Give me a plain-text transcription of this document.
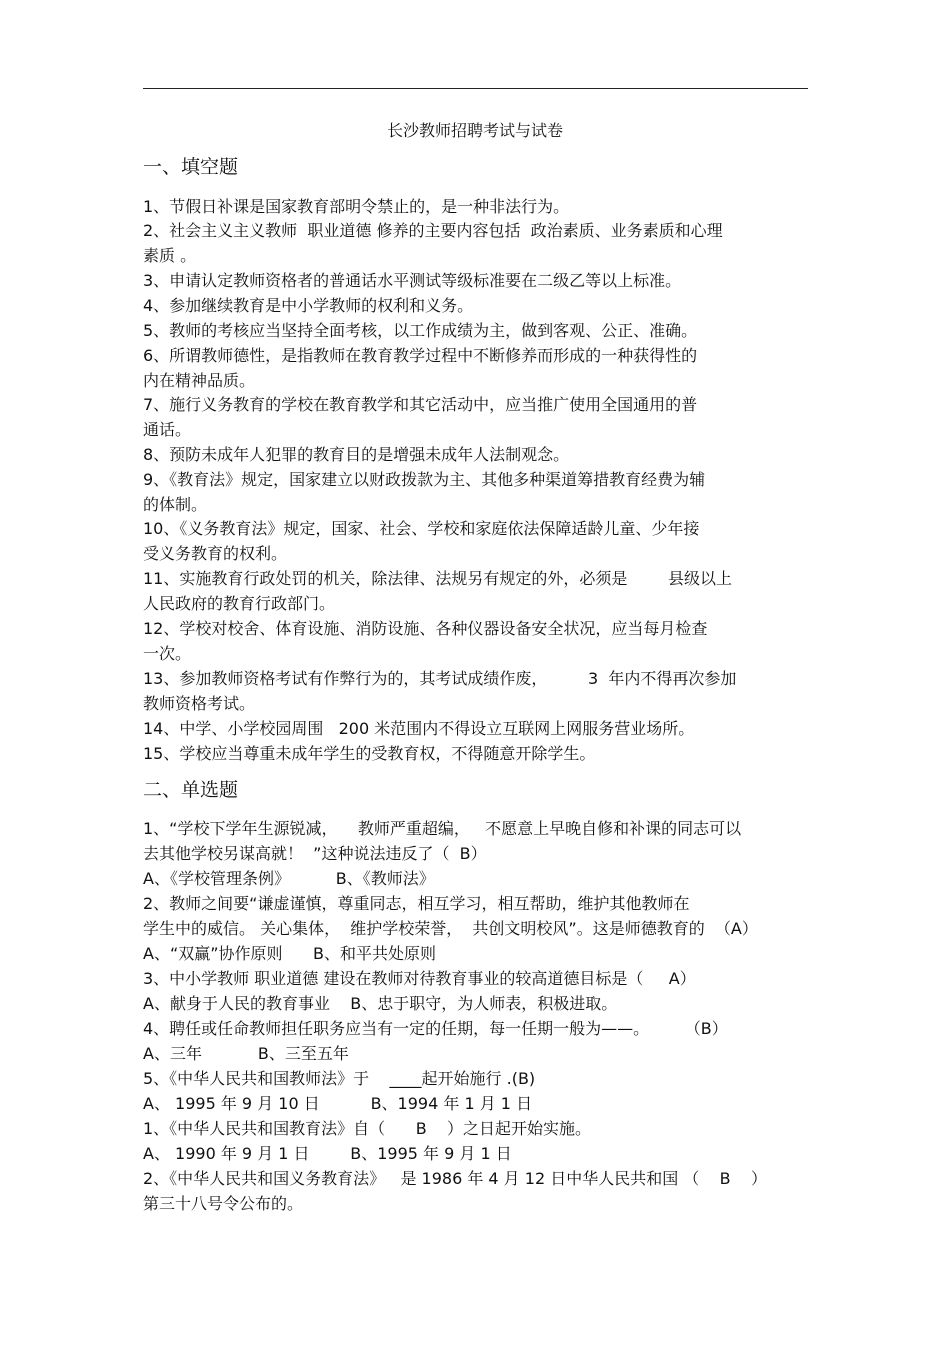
长沙教师招聘考试与试卷
一、填空题
1、节假日补课是国家教育部明令禁止的，是一种非法行为。
2、社会主义主义教师  职业道德 修养的主要内容包括  政治素质、业务素质和心理
素质 。
3、申请认定教师资格者的普通话水平测试等级标准要在二级乙等以上标准。
4、参加继续教育是中小学教师的权利和义务。
5、教师的考核应当坚持全面考核，以工作成绩为主，做到客观、公正、准确。
6、所谓教师德性，是指教师在教育教学过程中不断修养而形成的一种获得性的
内在精神品质。
7、施行义务教育的学校在教育教学和其它活动中，应当推广使用全国通用的普
通话。
8、预防未成年人犯罪的教育目的是增强未成年人法制观念。
9、《教育法》规定，国家建立以财政拨款为主、其他多种渠道筹措教育经费为辅
的体制。
10、《义务教育法》规定，国家、社会、学校和家庭依法保障适龄儿童、少年接
受义务教育的权利。
11、实施教育行政处罚的机关，除法律、法规另有规定的外，必须是        县级以上
人民政府的教育行政部门。
12、学校对校舍、体育设施、消防设施、各种仪器设备安全状况，应当每月检查
一次。
13、参加教师资格考试有作弊行为的，其考试成绩作废，        3  年内不得再次参加
教师资格考试。
14、中学、小学校园周围   200 米范围内不得设立互联网上网服务营业场所。
15、学校应当尊重未成年学生的受教育权，不得随意开除学生。
二、单选题
1、“学校下学年生源锐减，    教师严重超编，   不愿意上早晚自修和补课的同志可以
去其他学校另谋高就！  ”这种说法违反了（  B）
A、《学校管理条例》         B、《教师法》
2、教师之间要“谦虚谨慎，尊重同志，相互学习，相互帮助，维护其他教师在
学生中的威信。 关心集体，  维护学校荣誉，  共创文明校风”。这是师德教育的  （A）
A、“双赢”协作原则      B、和平共处原则
3、中小学教师 职业道德 建设在教师对待教育事业的较高道德目标是（     A）
A、献身于人民的教育事业    B、忠于职守，为人师表，积极进取。
4、聘任或任命教师担任职务应当有一定的任期，每一任期一般为——。       （B）
A、三年           B、三至五年
5、《中华人民共和国教师法》于    ____起开始施行 .(B)
A、 1995 年 9 月 10 日          B、1994 年 1 月 1 日
1、《中华人民共和国教育法》自（      B    ）之日起开始实施。
A、 1990 年 9 月 1 日        B、1995 年 9 月 1 日
2、《中华人民共和国义务教育法》   是 1986 年 4 月 12 日中华人民共和国 （    B    ）
第三十八号令公布的。
